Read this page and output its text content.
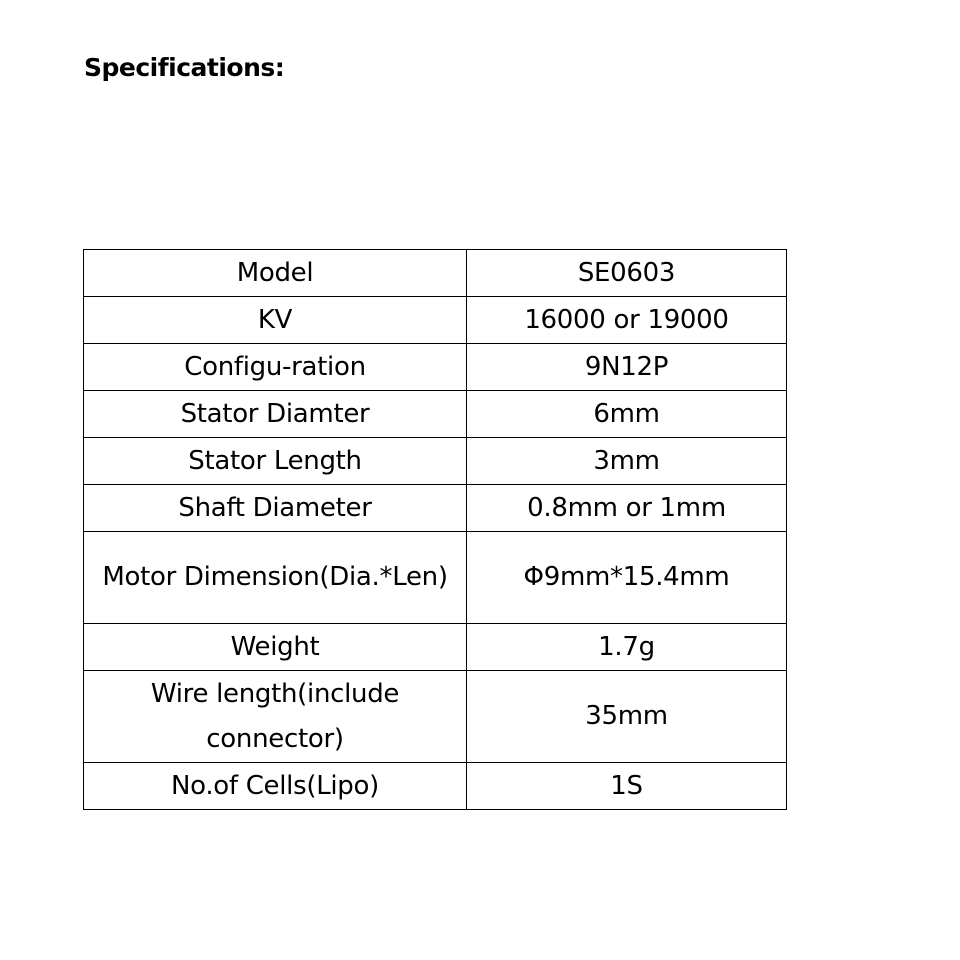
Specifications:
Model	SE0603
KV	16000 or 19000
Configu-ration	9N12P
Stator Diamter	6mm
Stator Length	3mm
Shaft Diameter	0.8mm or 1mm
Motor Dimension(Dia.*Len)	Φ9mm*15.4mm
Weight	1.7g
Wire length(include connector)	35mm
No.of Cells(Lipo)	1S
